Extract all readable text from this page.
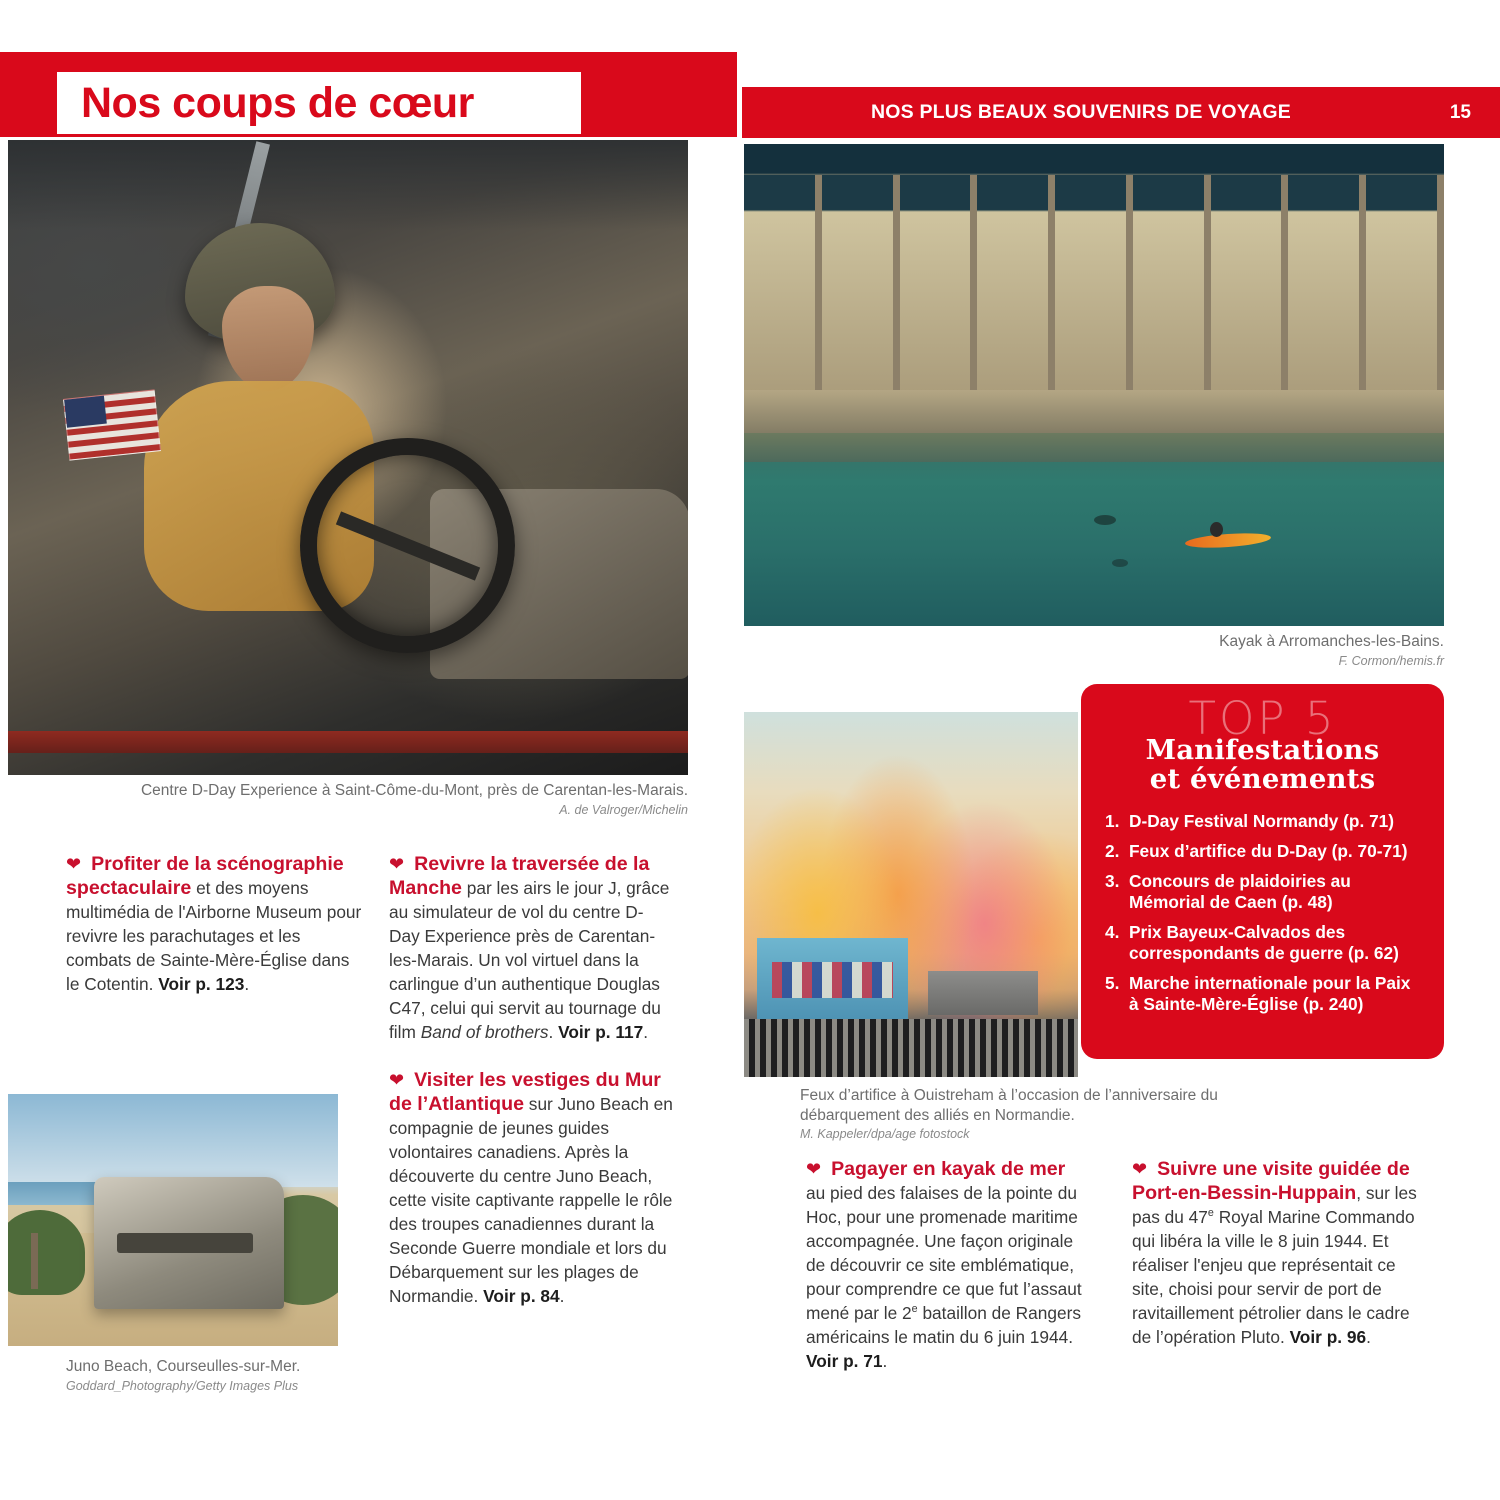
Nos coups de cœur
Centre D-Day Experience à Saint-Côme-du-Mont, près de Carentan-les-Marais.
A. de Valroger/Michelin
❤ Profiter de la scénographie spectaculaire et des moyens multimédia de l'Airborne Museum pour revivre les parachutages et les combats de Sainte-Mère-Église dans le Cotentin. Voir p. 123.
❤ Revivre la traversée de la Manche par les airs le jour J, grâce au simulateur de vol du centre D-Day Experience près de Carentan-les-Marais. Un vol virtuel dans la carlingue d’un authentique Douglas C47, celui qui servit au tournage du film Band of brothers. Voir p. 117.
❤ Visiter les vestiges du Mur de l’Atlantique sur Juno Beach en compagnie de jeunes guides volontaires canadiens. Après la découverte du centre Juno Beach, cette visite captivante rappelle le rôle des troupes canadiennes durant la Seconde Guerre mondiale et lors du Débarquement sur les plages de Normandie. Voir p. 84.
Juno Beach, Courseulles-sur-Mer.
Goddard_Photography/Getty Images Plus
NOS PLUS BEAUX SOUVENIRS DE VOYAGE	15
Kayak à Arromanches-les-Bains.
F. Cormon/hemis.fr
Feux d’artifice à Ouistreham à l’occasion de l’anniversaire du débarquement des alliés en Normandie.
M. Kappeler/dpa/age fotostock
TOP 5
Manifestations
et événements
1. D-Day Festival Normandy (p. 71)
2. Feux d’artifice du D-Day (p. 70-71)
3. Concours de plaidoiries au Mémorial de Caen (p. 48)
4. Prix Bayeux-Calvados des correspondants de guerre (p. 62)
5. Marche internationale pour la Paix à Sainte-Mère-Église (p. 240)
❤ Pagayer en kayak de mer au pied des falaises de la pointe du Hoc, pour une promenade maritime accompagnée. Une façon originale de découvrir ce site emblématique, pour comprendre ce que fut l’assaut mené par le 2e bataillon de Rangers américains le matin du 6 juin 1944. Voir p. 71.
❤ Suivre une visite guidée de Port-en-Bessin-Huppain, sur les pas du 47e Royal Marine Commando qui libéra la ville le 8 juin 1944. Et réaliser l'enjeu que représentait ce site, choisi pour servir de port de ravitaillement pétrolier dans le cadre de l’opération Pluto. Voir p. 96.
